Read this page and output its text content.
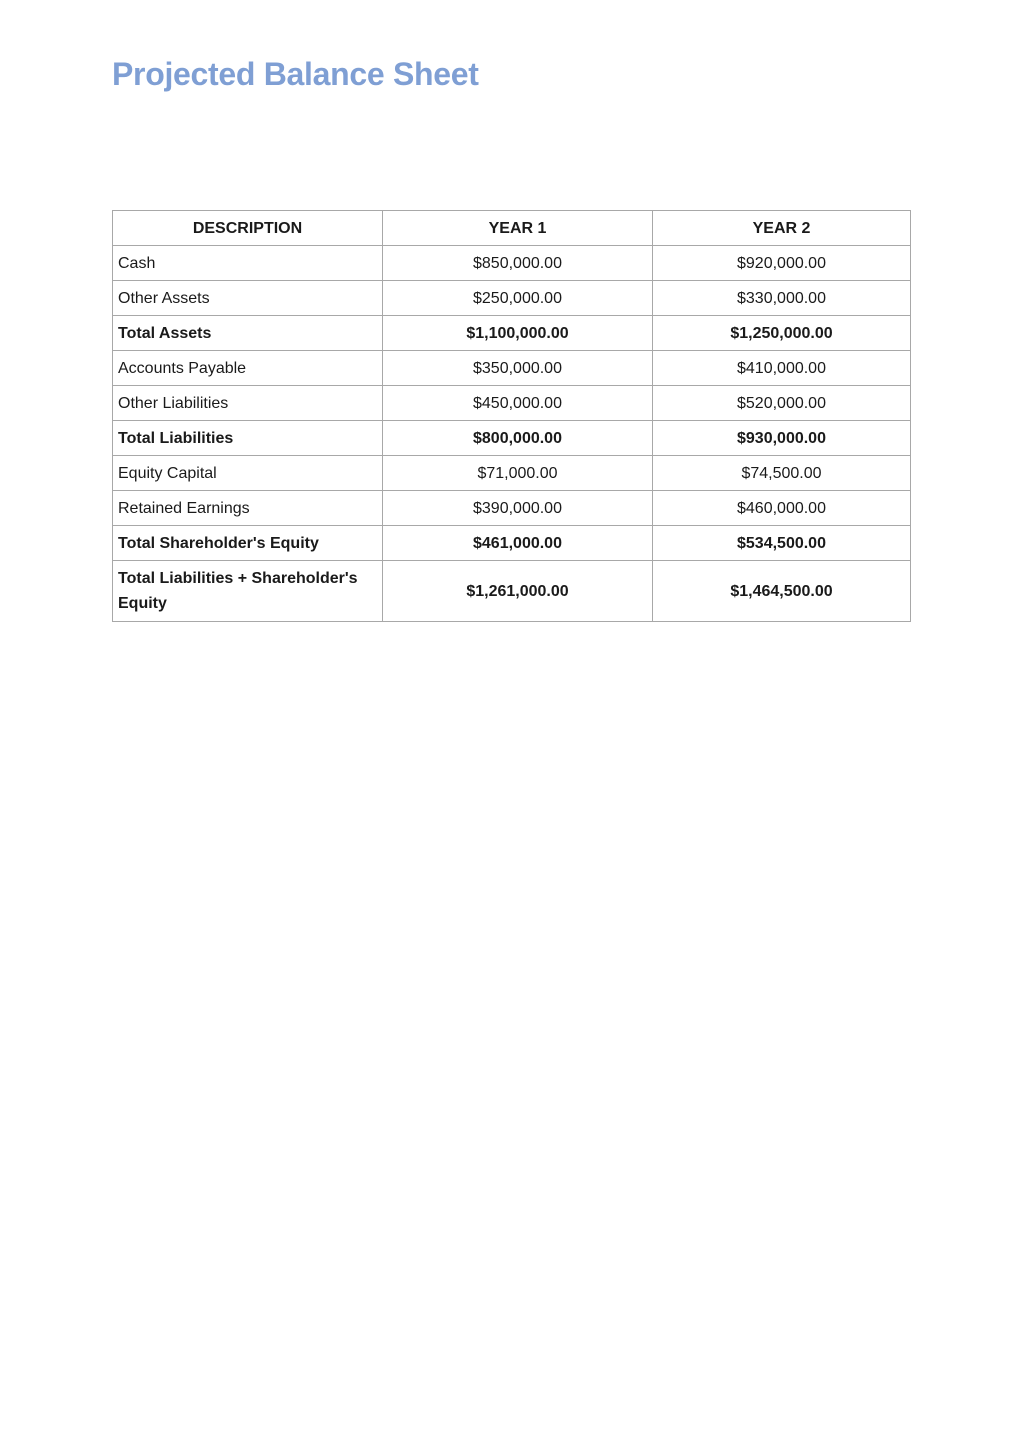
Projected Balance Sheet
DESCRIPTION	YEAR 1	YEAR 2
Cash	$850,000.00	$920,000.00
Other Assets	$250,000.00	$330,000.00
Total Assets	$1,100,000.00	$1,250,000.00
Accounts Payable	$350,000.00	$410,000.00
Other Liabilities	$450,000.00	$520,000.00
Total Liabilities	$800,000.00	$930,000.00
Equity Capital	$71,000.00	$74,500.00
Retained Earnings	$390,000.00	$460,000.00
Total Shareholder's Equity	$461,000.00	$534,500.00
Total Liabilities + Shareholder's Equity	$1,261,000.00	$1,464,500.00
